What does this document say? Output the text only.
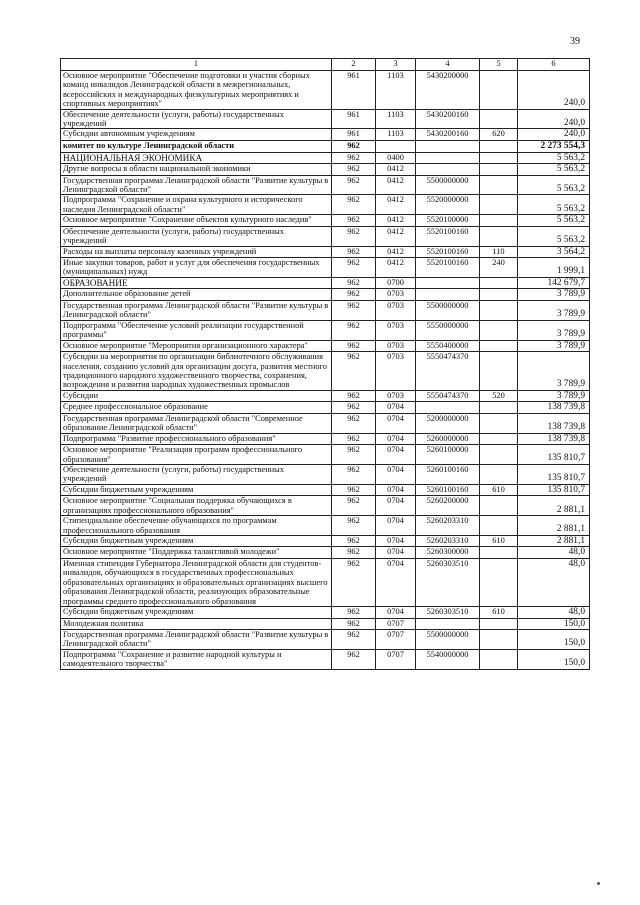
39
1	2	3	4	5	6
Основное мероприятие "Обеспечение подготовки и участия сборных команд инвалидов Ленинградской области в межрегиональных, всероссийских и международных физкультурных мероприятиях и спортивных мероприятиях"	961	1103	5430200000		240,0
Обеспечение деятельности (услуги, работы) государственных учреждений	961	1103	5430200160		240,0
Субсидии автономным учреждениям	961	1103	5430200160	620	240,0
комитет по культуре Ленинградской области	962				2 273 554,3
НАЦИОНАЛЬНАЯ ЭКОНОМИКА	962	0400			5 563,2
Другие вопросы в области национальной экономики	962	0412			5 563,2
Государственная программа Ленинградской области "Развитие культуры в Ленинградской области"	962	0412	5500000000		5 563,2
Подпрограмма "Сохранение и охрана культурного и исторического наследия Ленинградской области"	962	0412	5520000000		5 563,2
Основное мероприятие "Сохранение объектов культурного наследия"	962	0412	5520100000		5 563,2
Обеспечение деятельности (услуги, работы) государственных учреждений	962	0412	5520100160		5 563,2
Расходы на выплаты персоналу казенных учреждений	962	0412	5520100160	110	3 564,2
Иные закупки товаров, работ и услуг для обеспечения государственных (муниципальных) нужд	962	0412	5520100160	240	1 999,1
ОБРАЗОВАНИЕ	962	0700			142 679,7
Дополнительное образование детей	962	0703			3 789,9
Государственная программа Ленинградской области "Развитие культуры в Ленинградской области"	962	0703	5500000000		3 789,9
Подпрограмма "Обеспечение условий реализации государственной программы"	962	0703	5550000000		3 789,9
Основное мероприятие "Мероприятия организационного характера"	962	0703	5550400000		3 789,9
Субсидии на мероприятия по организации библиотечного обслуживания населения, созданию условий для организации досуга, развития местного традиционного народного художественного творчества, сохранения, возрождения и развития народных художественных промыслов	962	0703	5550474370		3 789,9
Субсидии	962	0703	5550474370	520	3 789,9
Среднее профессиональное образование	962	0704			138 739,8
Государственная программа Ленинградской области "Современное образование Ленинградской области"	962	0704	5200000000		138 739,8
Подпрограмма "Развитие профессионального образования"	962	0704	5260000000		138 739,8
Основное мероприятие "Реализация программ профессионального образования"	962	0704	5260100000		135 810,7
Обеспечение деятельности (услуги, работы) государственных учреждений	962	0704	5260100160		135 810,7
Субсидии бюджетным учреждениям	962	0704	5260100160	610	135 810,7
Основное мероприятие "Социальная поддержка обучающихся в организациях профессионального образования"	962	0704	5260200000		2 881,1
Стипендиальное обеспечение обучающихся по программам профессионального образования	962	0704	5260203310		2 881,1
Субсидии бюджетным учреждениям	962	0704	5260203310	610	2 881,1
Основное мероприятие "Поддержка талантливой молодежи"	962	0704	5260300000		48,0
Именная стипендия Губернатора Ленинградской области для студентов-инвалидов, обучающихся в государственных профессиональных образовательных организациях и образовательных организациях высшего образования Ленинградской области, реализующих образовательные программы среднего профессионального образования	962	0704	5260303510		48,0
Субсидии бюджетным учреждениям	962	0704	5260303510	610	48,0
Молодежная политика	962	0707			150,0
Государственная программа Ленинградской области "Развитие культуры в Ленинградской области"	962	0707	5500000000		150,0
Подпрограмма "Сохранение и развитие народной культуры и самодеятельного творчества"	962	0707	5540000000		150,0
